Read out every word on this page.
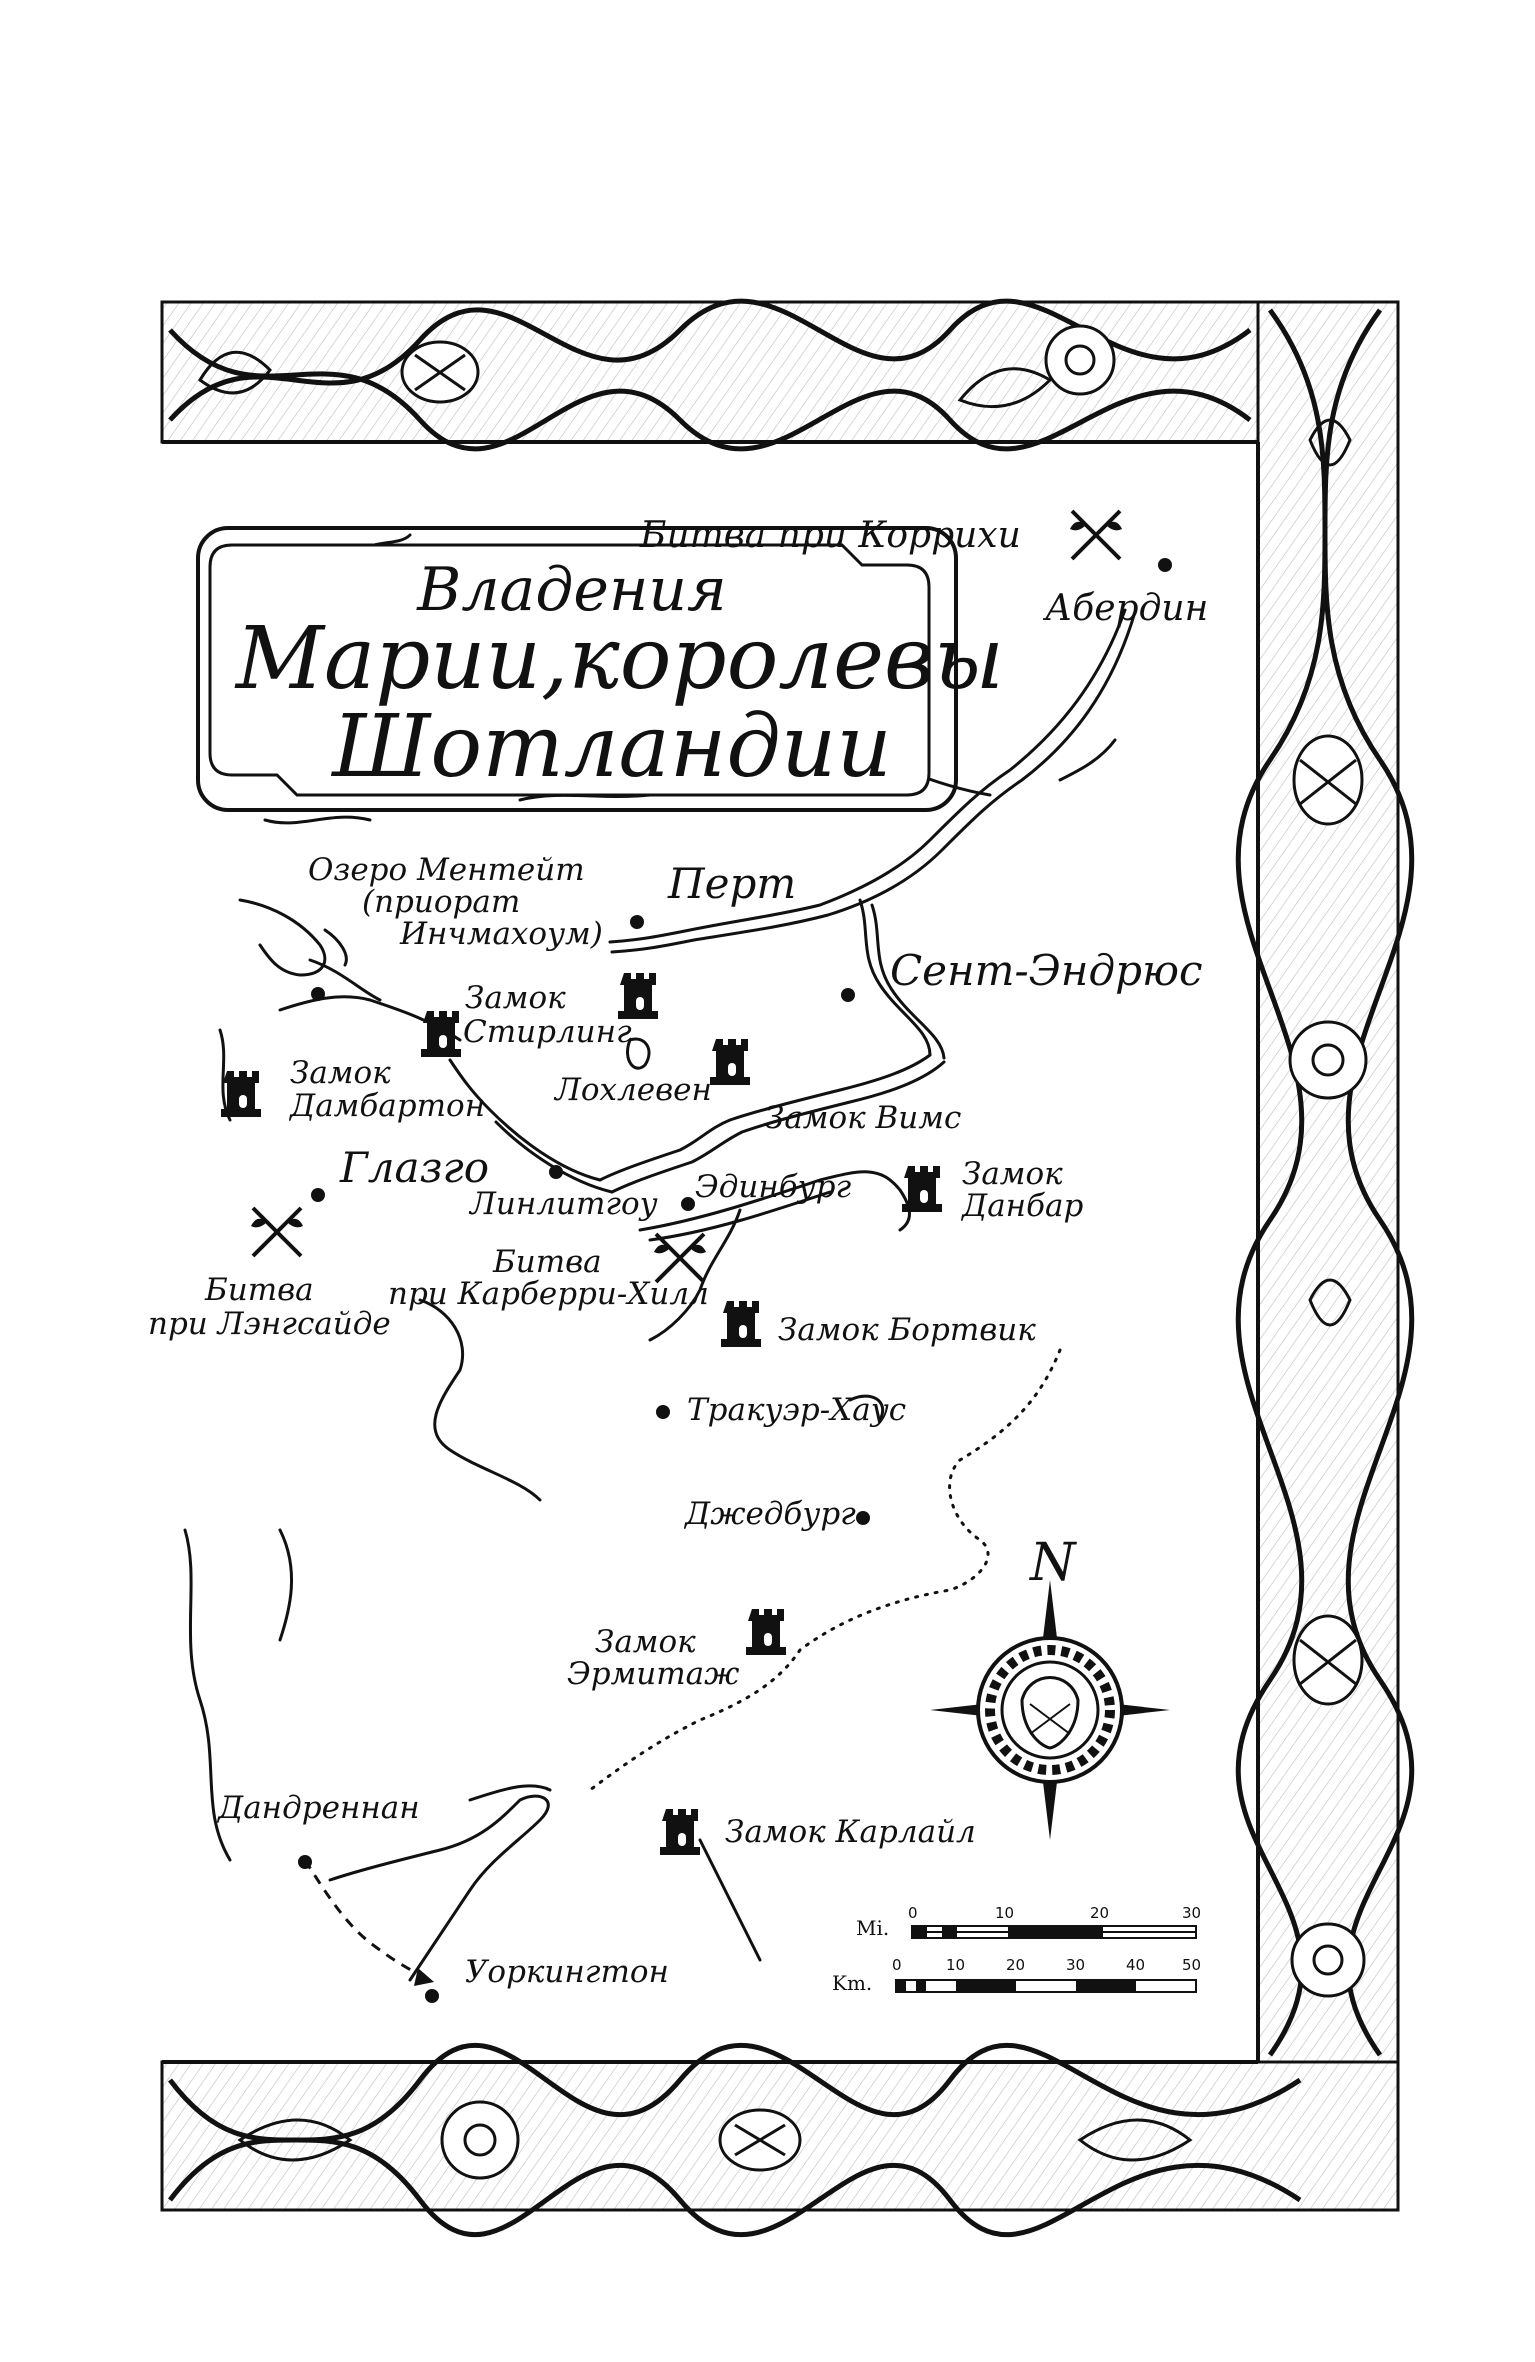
Владения
Марии,королевы
Шотландии
Битва при Коррихи
Абердин
Перт
Сент-Эндрюс
Озеро Ментейт
(приорат
Инчмахоум)
Замок
Стирлинг
Лохлевен
Замок
Дамбартон	Замок Вимс
Глазго
Линлитгоу Эдинбург	Замок
Данбар
Битва
при Карберри-Хилл
Битва
при Лэнгсайде	Замок Бортвик
Тракуэр-Хаус
Джедбург
Замок
Эрмитаж
Дандреннан
Замок Карлайл
Уоркингтон
N
Mi.
0	10	20	30
Km.
0	10	20	30	40 50
